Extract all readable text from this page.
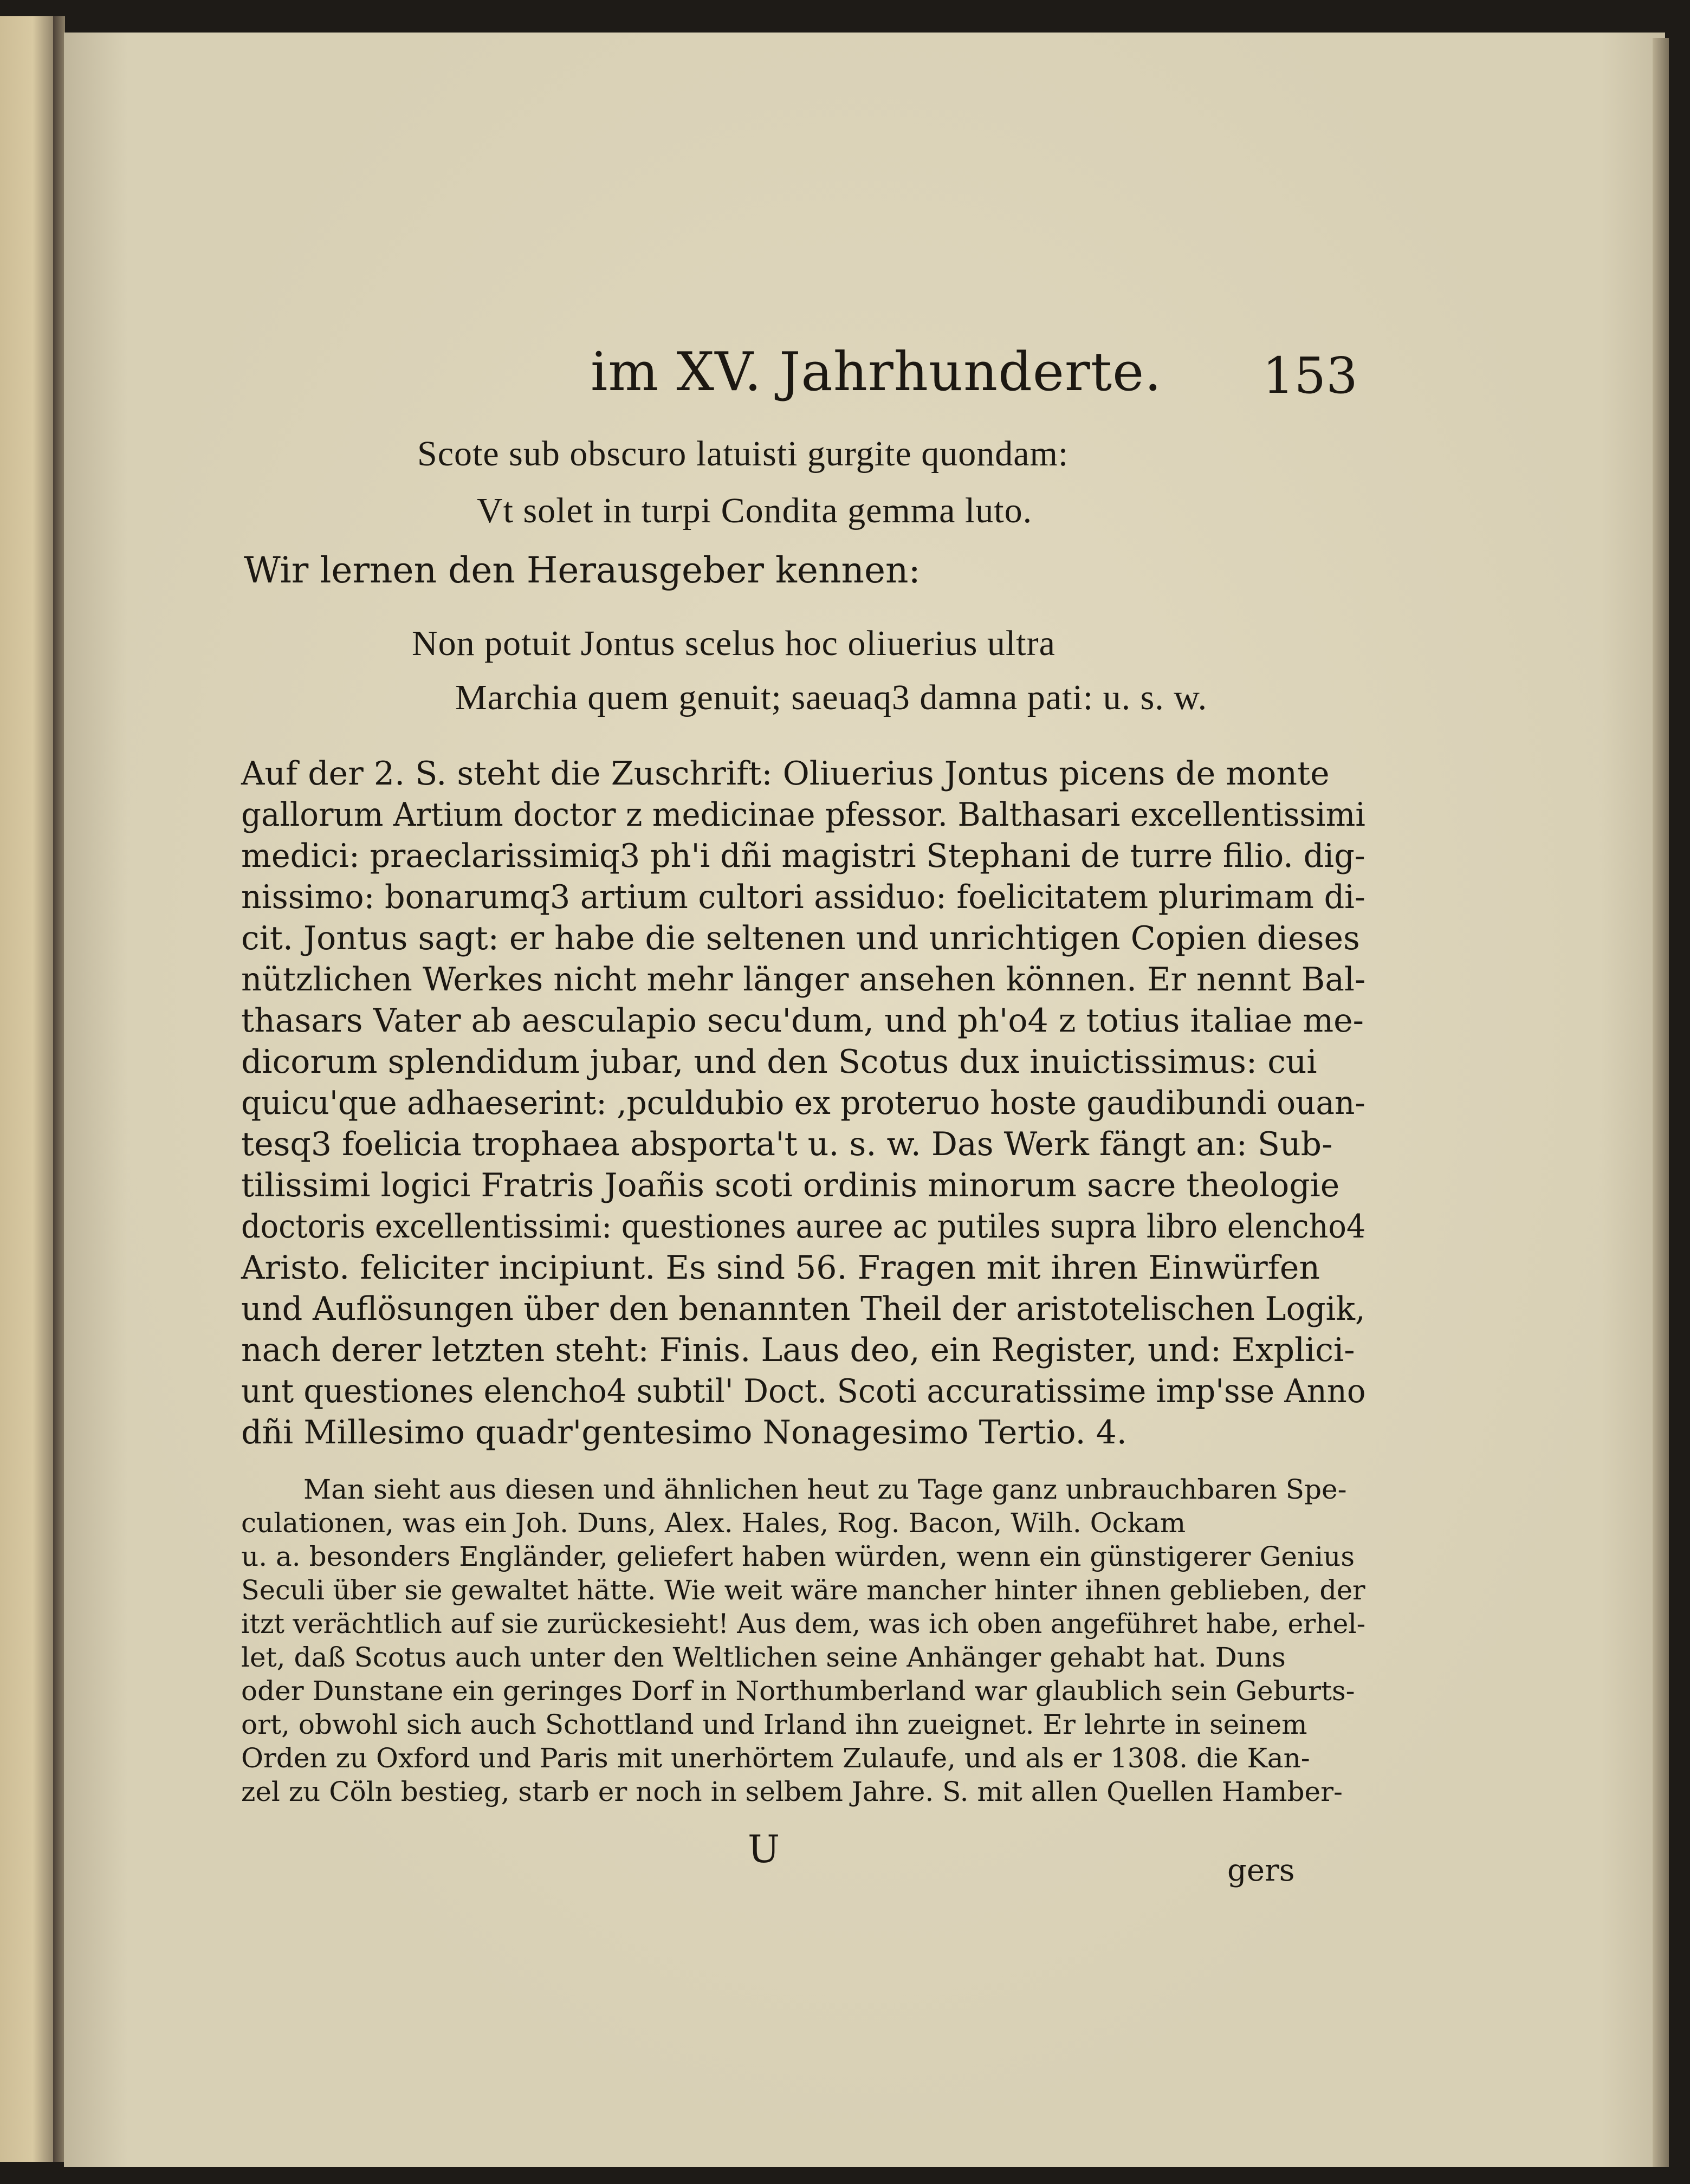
im XV. Jahrhunderte. 153

Scote sub obscuro latuisti gurgite quondam:

Vt solet in turpi Condita gemma luto.

Wir lernen den Herausgeber kennen:

Non potuit Jontus scelus hoc oliuerius ultra

Marchia quem genuit; saeuaq3 damna pati: u. s. w.

Auf der 2. S. steht die Zuschrift: Oliuerius Jontus picens de monte

gallorum Artium doctor z medicinae pfessor. Balthasari excellentissimi

medici: praeclarissimiq3 ph'i dñi magistri Stephani de turre filio. dig-

nissimo: bonarumq3 artium cultori assiduo: foelicitatem plurimam di-

cit. Jontus sagt: er habe die seltenen und unrichtigen Copien dieses

nützlichen Werkes nicht mehr länger ansehen können. Er nennt Bal-

thasars Vater ab aesculapio secu'dum, und ph'o4 z totius italiae me-

dicorum splendidum jubar, und den Scotus dux inuictissimus: cui

quicu'que adhaeserint: ,pculdubio ex proteruo hoste gaudibundi ouan-

tesq3 foelicia trophaea absporta't u. s. w. Das Werk fängt an: Sub-

tilissimi logici Fratris Joañis scoti ordinis minorum sacre theologie

doctoris excellentissimi: questiones auree ac putiles supra libro elencho4

Aristo. feliciter incipiunt. Es sind 56. Fragen mit ihren Einwürfen

und Auflösungen über den benannten Theil der aristotelischen Logik,

nach derer letzten steht: Finis. Laus deo, ein Register, und: Explici-

unt questiones elencho4 subtil' Doct. Scoti accuratissime imp'sse Anno

dñi Millesimo quadr'gentesimo Nonagesimo Tertio. 4.

Man sieht aus diesen und ähnlichen heut zu Tage ganz unbrauchbaren Spe-

culationen, was ein Joh. Duns, Alex. Hales, Rog. Bacon, Wilh. Ockam

u. a. besonders Engländer, geliefert haben würden, wenn ein günstigerer Genius

Seculi über sie gewaltet hätte. Wie weit wäre mancher hinter ihnen geblieben, der

itzt verächtlich auf sie zurückesieht! Aus dem, was ich oben angeführet habe, erhel-

let, daß Scotus auch unter den Weltlichen seine Anhänger gehabt hat. Duns

oder Dunstane ein geringes Dorf in Northumberland war glaublich sein Geburts-

ort, obwohl sich auch Schottland und Irland ihn zueignet. Er lehrte in seinem

Orden zu Oxford und Paris mit unerhörtem Zulaufe, und als er 1308. die Kan-

zel zu Cöln bestieg, starb er noch in selbem Jahre. S. mit allen Quellen Hamber-

U	gers
